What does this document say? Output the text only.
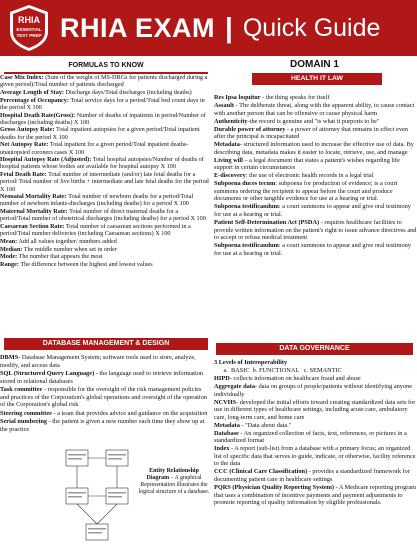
RHIA
ESSENTIAL
TEST PREP RHIA EXAM | Quick Guide
FORMULAS TO KNOW

Case Mix Index: (Sum of the weight of MS-DRGs for patients discharged during a given period)/Total number of patients discharged

Average Length of Stay: Discharge days/Total discharges (including deaths)

Percentage of Occupancy: Total service days for a period/Total bed count days in the period X 100

Hospital Death Rate(Gross): Number of deaths of inpatients in period/Number of discharges (including deaths) X 100

Gross Autopsy Rate: Total inpatient autopsies for a given period/Total inpatient deaths for the period X 100

Net Autopsy Rate: Total inpatient for a given period/Total inpatient deaths- unautopsied coroners cases X 100

Hospital Autopsy Rate (Adjusted): Total hospital autopsies/Number of deaths of hospital patients whose bodies are available for hospital autopsy X 100

Fetal Death Rate: Total number of intermediate (and/or) late fetal deaths for a period/ Total number of live births + intermediate and late fetal deaths for the period X 100

Neonatal Mortality Rate: Total number of newborn deaths for a period/Total number of newborn infants-discharges (including deaths) for a period X 100

Maternal Mortality Rate: Total number of direct maternal deaths for a period/Total number of obstetrical discharges (including deaths) for a period X 100

Caesarean Section Rate: Total number of caesarean sections performed in a period/Total number deliveries (including Caesarean sections) X 100

Mean: Add all values together/ numbers added

Median: The middle number when set in order

Mode: The number that appears the most

Range: The difference between the highest and lowest values

DATABASE MANAGEMENT & DESIGN

DBMS- Database Management System; software tools used to store, analyze, modify, and access data

SQL (Structured Query Language) - the language used to retrieve information stored in relational databases

Task committee - responsible for the oversight of the risk management policies and practices of the Corporation's global operations and oversight of the operation of the Corporation's global risk

Steering committee - a team that provides advice and guidance on the acquisition

Serial numbering - the patient is given a new number each time they show up at the practice

Entity Relationship Diagram – A graphical Representation illustrates the logical structure of a database.
DOMAIN 1
HEALTH IT LAW

Res Ipsa loquitur - the thing speaks for itself

Assault - The deliberate threat, along with the apparent ability, to cause contact with another person that can be offensive or cause physical harm

Authenticity-the record is genuine and "is what it purports to be"

Durable power of attorney - a power of attorney that remains in effect even after the principal is incapacitated

Metadata- structured information used to increase the effective use of data. By describing data, metadata makes it easier to locate, retrieve, use, and manage

Living will – a legal document that states a patient's wishes regarding life support in certain circumstances

E-discovery: the use of electronic health records in a legal trial

Subpoena duces tecum: subpoena for production of evidence; is a court summons ordering the recipient to appear before the court and produce documents or other tangible evidence for use at a hearing or trial.

Subpoena testificandum: a court summons to appear and give oral testimony for use at a hearing or trial.

Patient Self-Determination Act (PSDA) - requires healthcare facilities to provide written information on the patient's right to issue advance directives and to accept or refuse medical treatment

Subpoena testificandum: a court summons to appear and give oral testimony for use at a hearing or trial.

DATA GOVERNANCE

3 Levels of Interoperability

a.  BASIC  b. FUNCTIONAL   c. SEMANTIC

HIPD- collects information on healthcare fraud and abuse

Aggregate data- data on groups of people/patients without identifying anyone individually

NCVHS- developed the initial efforts toward creating standardized data sets for use in different types of healthcare settings, including acute care, ambulatory care, long-term care, and home care

Metadata - "Data about data."

Database - An organized collection of facts, text, references, or pictures in a standardized format

Index - A report (sub-list) from a database with a primary focus; an organized list of specific data that serves to guide, indicate, or otherwise, facility reference to the data

CCC (Clinical Care Classification) - provides a standardized framework for documenting patient care in healthcare settings

PQRS (Physician Quality Reporting System) - A Medicare reporting program that uses a combination of incentive payments and payment adjustments to promote reporting of quality information by eligible professionals.
